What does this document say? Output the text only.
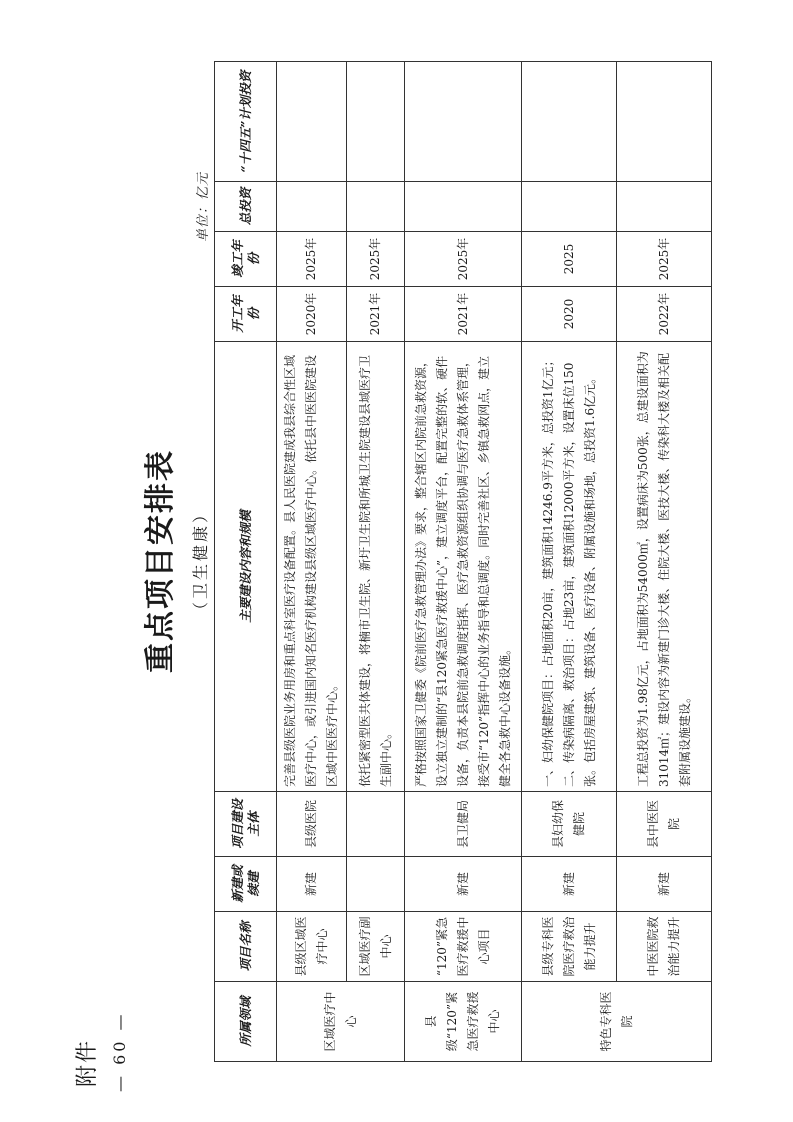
附件 — 60 —
重点项目安排表 （卫生健康）
单位：亿元
所属领域	项目名称	新建或续建	项目建设主体	主要建设内容和规模	开工年份	竣工年份	总投资	“十四五”计划投资
区域医疗中心	县级区域医疗中心	新建	县级医院	完善县级医院业务用房和重点科室医疗设备配置。县人民医院建成我县综合性区域医疗中心，或引进国内知名医疗机构建设县级区域医疗中心。依托县中医医院建设区域中医医疗中心。	2020年	2025年		
	区域医疗副中心			依托紧密型医共体建设，将楠市卫生院、新圩卫生院和所城卫生院建设县域医疗卫生副中心。	2021年	2025年		
县级“120”紧急医疗救援中心	“120”紧急医疗救援中心项目	新建	县卫健局	严格按照国家卫健委《院前医疗急救管理办法》要求，整合辖区内院前急救资源，设立独立建制的“县120紧急医疗救援中心”，建立调度平台，配置完整的软、硬件设备，负责本县院前急救调度指挥、医疗急救资源组织协调与医疗急救体系管理，接受市“120”指挥中心的业务指导和总调度。同时完善社区、乡镇急救网点，建立健全各急救中心设备设施。	2021年	2025年		
特色专科医院	县级专科医院医疗救治能力提升	新建	县妇幼保健院	一、妇幼保健院项目：占地面积20亩，建筑面积14246.9平方米，总投资1亿元；二、传染病隔离、救治项目：占地23亩，建筑面积12000平方米，设置床位150张。包括房屋建筑、建筑设备、医疗设备、附属设施和场地，总投资1.6亿元。	2020	2025		
	中医医院救治能力提升	新建	县中医医院	工程总投资为1.98亿元，占地面积为54000㎡，设置病床为500张，总建设面积为31014㎡；建设内容为新建门诊大楼、住院大楼、医技大楼、传染科大楼及相关配套附属设施建设。	2022年	2025年		
